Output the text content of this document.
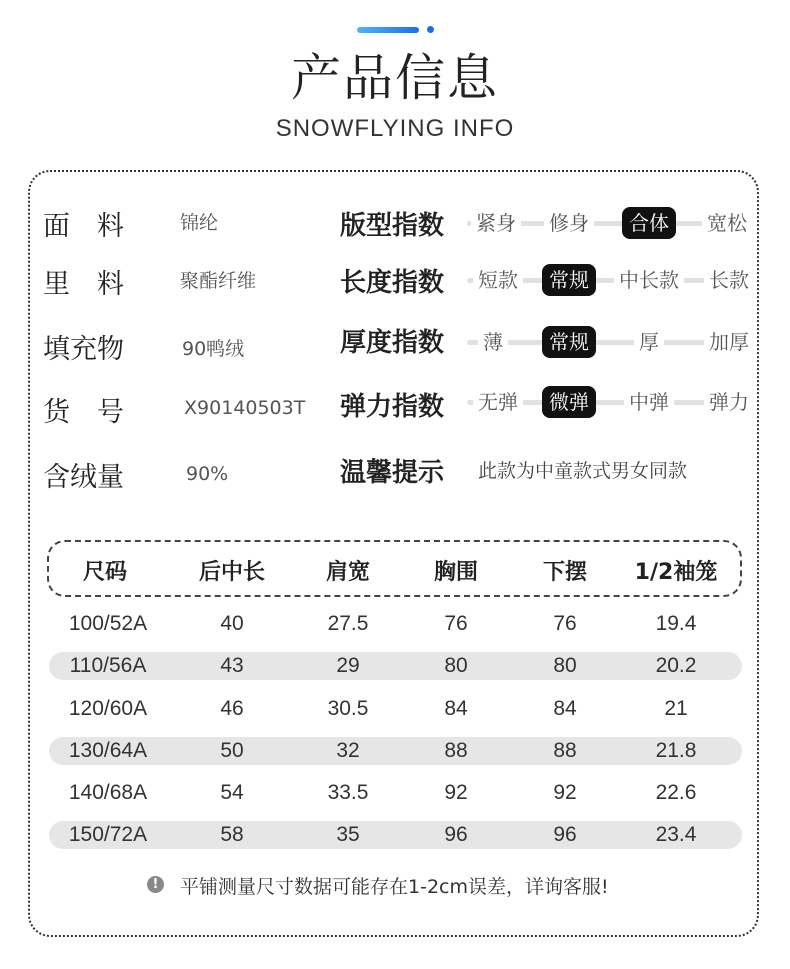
产品信息
SNOWFLYING INFO
面　料	锦纶
里　料	聚酯纤维
填充物	90鸭绒
货　号	X90140503T
含绒量	90%
版型指数 紧身 修身	合体	宽松
长度指数 短款	常规	中长款 长款
厚度指数 薄	常规	厚	加厚
弹力指数 无弹	微弹	中弹 弹力
温馨提示 此款为中童款式男女同款
尺码	后中长	肩宽	胸围	下摆 1/2袖笼
100/52A	40	27.5	76	76	19.4
110/56A	43	29	80	80	20.2
120/60A	46	30.5	84	84	21
130/64A	50	32	88	88	21.8
140/68A	54	33.5	92	92	22.6
150/72A	58	35	96	96	23.4
! 平铺测量尺寸数据可能存在1-2cm误差，详询客服!
